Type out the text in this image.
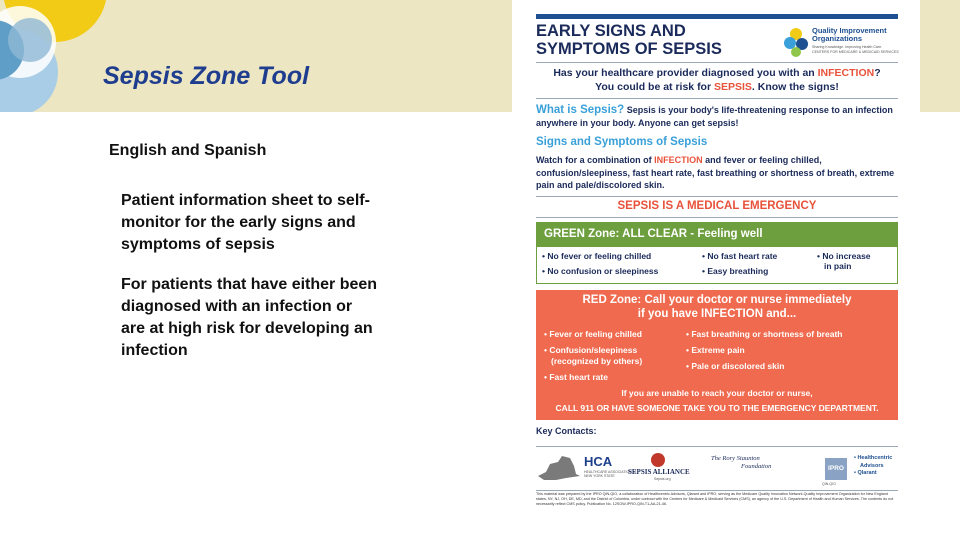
Sepsis Zone Tool
English and Spanish

Patient information sheet to self-monitor for the early signs and symptoms of sepsis

For patients that have either been diagnosed with an infection or are at high risk for developing an infection

EARLY SIGNS AND
SYMPTOMS OF SEPSIS
Quality Improvement
Organizations
Sharing Knowledge. Improving Health Care.
CENTERS FOR MEDICARE & MEDICAID SERVICES
Has your healthcare provider diagnosed you with an INFECTION?
You could be at risk for SEPSIS. Know the signs!
What is Sepsis? Sepsis is your body's life-threatening response to an infection anywhere in your body. Anyone can get sepsis!
Signs and Symptoms of Sepsis
Watch for a combination of INFECTION and fever or feeling chilled, confusion/sleepiness, fast heart rate, fast breathing or shortness of breath, extreme pain and pale/discolored skin.
SEPSIS IS A MEDICAL EMERGENCY
GREEN Zone: ALL CLEAR - Feeling well
• No fever or feeling chilled
• No confusion or sleepiness
• No fast heart rate
• Easy breathing
• No increase
in pain
RED Zone: Call your doctor or nurse immediately
if you have INFECTION and...
• Fever or feeling chilled
• Confusion/sleepiness
(recognized by others)
• Fast heart rate
• Fast breathing or shortness of breath
• Extreme pain
• Pale or discolored skin
If you are unable to reach your doctor or nurse,
CALL 911 OR HAVE SOMEONE TAKE YOU TO THE EMERGENCY DEPARTMENT.
Key Contacts:
HCA
HEALTHCARE ASSOCIATION of NEW YORK STATE	SEPSIS ALLIANCE
Sepsis.org
The Rory Staunton
Foundation	IPRO
QIN-QIO
• Healthcentric
Advisors
• Qlarant
This material was prepared by the IPRO QIN-QIO, a collaboration of Healthcentric Advisors, Qlarant and IPRO, serving as the Medicare Quality Innovation Network-Quality Improvement Organization for New England states, NY, NJ, OH, DE, MD, and the District of Columbia, under contract with the Centers for Medicare & Medicaid Services (CMS), an agency of the U.S. Department of Health and Human Services. The contents do not necessarily reflect CMS policy. Publication No. 12SOW-IPRO-QIN-T1-AA-21-46.
